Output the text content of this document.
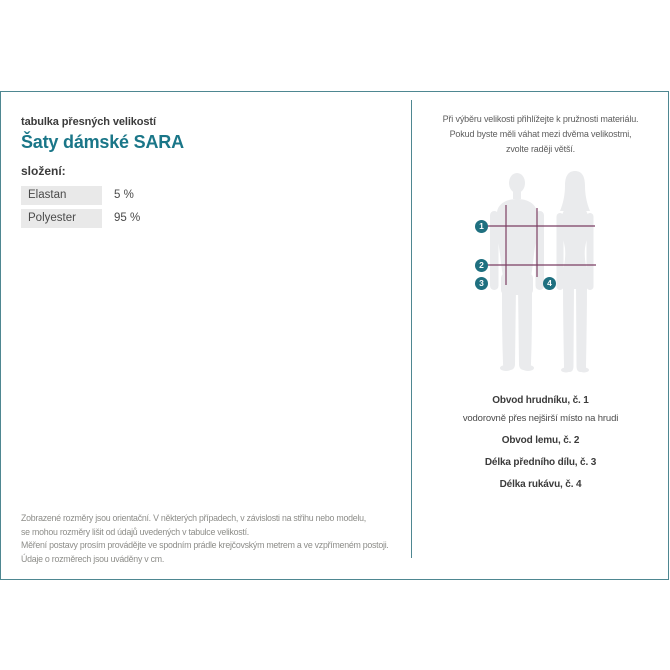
tabulka přesných velikostí
Šaty dámské SARA
složení:
Elastan	5 %
Polyester	95 %
Zobrazené rozměry jsou orientační. V některých případech, v závislosti na střihu nebo modelu,
se mohou rozměry lišit od údajů uvedených v tabulce velikostí.
Měření postavy prosím provádějte ve spodním prádle krejčovským metrem a ve vzpřímeném postoji.
Údaje o rozměrech jsou uváděny v cm.
Při výběru velikosti přihlížejte k pružnosti materiálu.
Pokud byste měli váhat mezi dvěma velikostmi,
zvolte raději větší.
1
2
3	4
Obvod hrudníku, č. 1
vodorovně přes nejširší místo na hrudi
Obvod lemu, č. 2
Délka předního dílu, č. 3
Délka rukávu, č. 4
